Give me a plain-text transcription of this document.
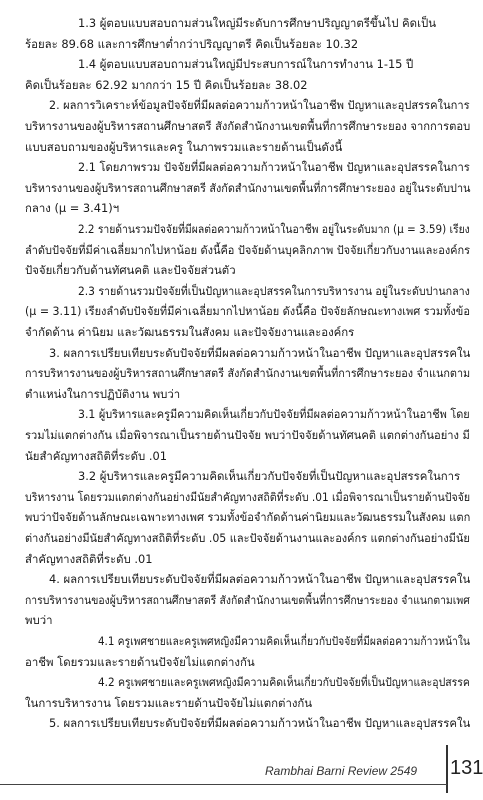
1.3 ผู้ตอบแบบสอบถามส่วนใหญ่มีระดับการศึกษาปริญญาตรีขึ้นไป คิดเป็น
ร้อยละ 89.68 และการศึกษาต่ำกว่าปริญญาตรี คิดเป็นร้อยละ 10.32
1.4 ผู้ตอบแบบสอบถามส่วนใหญ่มีประสบการณ์ในการทำงาน 1-15 ปี
คิดเป็นร้อยละ 62.92 มากกว่า 15 ปี คิดเป็นร้อยละ 38.02
2. ผลการวิเคราะห์ข้อมูลปัจจัยที่มีผลต่อความก้าวหน้าในอาชีพ ปัญหาและอุปสรรคในการ
บริหารงานของผู้บริหารสถานศึกษาสตรี สังกัดสำนักงานเขตพื้นที่การศึกษาระยอง จากการตอบ
แบบสอบถามของผู้บริหารและครู ในภาพรวมและรายด้านเป็นดังนี้
2.1 โดยภาพรวม ปัจจัยที่มีผลต่อความก้าวหน้าในอาชีพ ปัญหาและอุปสรรคในการ
บริหารงานของผู้บริหารสถานศึกษาสตรี สังกัดสำนักงานเขตพื้นที่การศึกษาระยอง อยู่ในระดับปาน
กลาง (μ = 3.41)ฯ
2.2 รายด้านรวมปัจจัยที่มีผลต่อความก้าวหน้าในอาชีพ อยู่ในระดับมาก (μ = 3.59) เรียง
ลำดับปัจจัยที่มีค่าเฉลี่ยมากไปหาน้อย ดังนี้คือ ปัจจัยด้านบุคลิกภาพ ปัจจัยเกี่ยวกับงานและองค์กร
ปัจจัยเกี่ยวกับด้านทัศนคติ และปัจจัยส่วนตัว
2.3 รายด้านรวมปัจจัยที่เป็นปัญหาและอุปสรรคในการบริหารงาน อยู่ในระดับปานกลาง
(μ = 3.11) เรียงลำดับปัจจัยที่มีค่าเฉลี่ยมากไปหาน้อย ดังนี้คือ ปัจจัยลักษณะทางเพศ รวมทั้งข้อ
จำกัดด้าน ค่านิยม และวัฒนธรรมในสังคม และปัจจัยงานและองค์กร
3. ผลการเปรียบเทียบระดับปัจจัยที่มีผลต่อความก้าวหน้าในอาชีพ ปัญหาและอุปสรรคใน
การบริหารงานของผู้บริหารสถานศึกษาสตรี สังกัดสำนักงานเขตพื้นที่การศึกษาระยอง จำแนกตาม
ตำแหน่งในการปฏิบัติงาน พบว่า
3.1 ผู้บริหารและครูมีความคิดเห็นเกี่ยวกับปัจจัยที่มีผลต่อความก้าวหน้าในอาชีพ โดย
รวมไม่แตกต่างกัน เมื่อพิจารณาเป็นรายด้านปัจจัย พบว่าปัจจัยด้านทัศนคติ แตกต่างกันอย่าง มี
นัยสำคัญทางสถิติที่ระดับ .01
3.2 ผู้บริหารและครูมีความคิดเห็นเกี่ยวกับปัจจัยที่เป็นปัญหาและอุปสรรคในการ
บริหารงาน โดยรวมแตกต่างกันอย่างมีนัยสำคัญทางสถิติที่ระดับ .01 เมื่อพิจารณาเป็นรายด้านปัจจัย
พบว่าปัจจัยด้านลักษณะเฉพาะทางเพศ รวมทั้งข้อจำกัดด้านค่านิยมและวัฒนธรรมในสังคม แตก
ต่างกันอย่างมีนัยสำคัญทางสถิติที่ระดับ .05 และปัจจัยด้านงานและองค์กร แตกต่างกันอย่างมีนัย
สำคัญทางสถิติที่ระดับ .01
4. ผลการเปรียบเทียบระดับปัจจัยที่มีผลต่อความก้าวหน้าในอาชีพ ปัญหาและอุปสรรคใน
การบริหารงานของผู้บริหารสถานศึกษาสตรี สังกัดสำนักงานเขตพื้นที่การศึกษาระยอง จำแนกตามเพศ
พบว่า
4.1 ครูเพศชายและครูเพศหญิงมีความคิดเห็นเกี่ยวกับปัจจัยที่มีผลต่อความก้าวหน้าใน
อาชีพ โดยรวมและรายด้านปัจจัยไม่แตกต่างกัน
4.2 ครูเพศชายและครูเพศหญิงมีความคิดเห็นเกี่ยวกับปัจจัยที่เป็นปัญหาและอุปสรรค
ในการบริหารงาน โดยรวมและรายด้านปัจจัยไม่แตกต่างกัน
5. ผลการเปรียบเทียบระดับปัจจัยที่มีผลต่อความก้าวหน้าในอาชีพ ปัญหาและอุปสรรคใน
Rambhai Barni Review 2549 131
